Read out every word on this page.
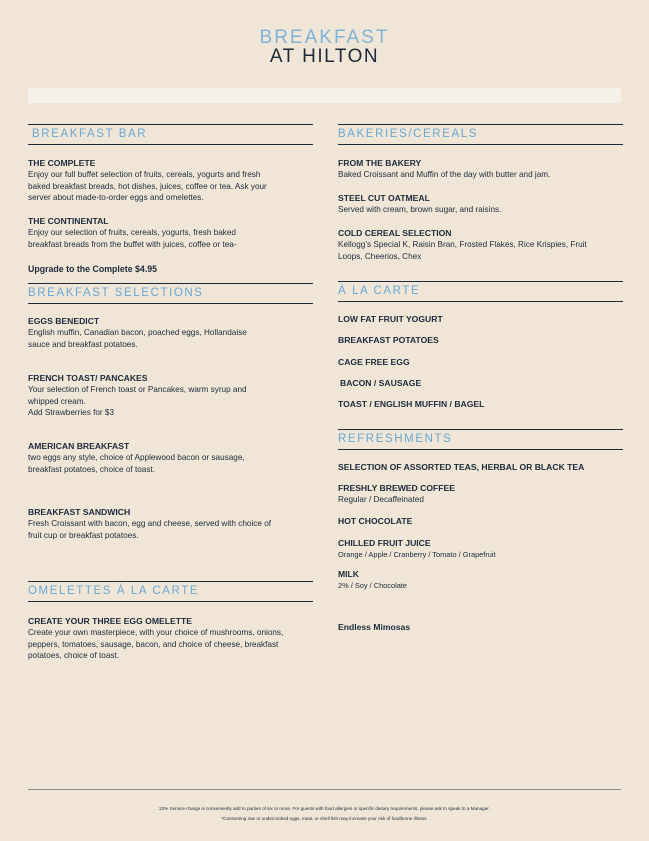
BREAKFAST
AT HILTON
BREAKFAST BAR
THE COMPLETE
Enjoy our full buffet selection of fruits, cereals, yogurts and fresh baked breakfast breads, hot dishes, juices, coffee or tea. Ask your server about made-to-order eggs and omelettes.
THE CONTINENTAL
Enjoy our selection of fruits, cereals, yogurts, fresh baked breakfast breads from the buffet with juices, coffee or tea-
Upgrade to the Complete $4.95
BREAKFAST SELECTIONS
EGGS BENEDICT
English muffin, Canadian bacon, poached eggs, Hollandaise sauce and breakfast potatoes.
FRENCH TOAST/ PANCAKES
Your selection of French toast or Pancakes, warm syrup and whipped cream.
Add Strawberries for $3
AMERICAN BREAKFAST
two eggs any style, choice of Applewood bacon or sausage, breakfast potatoes, choice of toast.
BREAKFAST SANDWICH
Fresh Croissant with bacon, egg and cheese, served with choice of fruit cup or breakfast potatoes.
OMELETTES À LA CARTE
CREATE YOUR THREE EGG OMELETTE
Create your own masterpiece, with your choice of mushrooms, onions, peppers, tomatoes, sausage, bacon, and choice of cheese, breakfast potatoes, choice of toast.
BAKERIES/CEREALS
FROM THE BAKERY
Baked Croissant and Muffin of the day with butter and jam.
STEEL CUT OATMEAL
Served with cream, brown sugar, and raisins.
COLD CEREAL SELECTION
Kellogg’s Special K, Raisin Bran, Frosted Flakes, Rice Krispies, Fruit Loops, Cheerios, Chex
À LA CARTE
LOW FAT FRUIT YOGURT
BREAKFAST POTATOES
CAGE FREE EGG
BACON / SAUSAGE
TOAST / ENGLISH MUFFIN / BAGEL
REFRESHMENTS
SELECTION OF ASSORTED TEAS, HERBAL OR BLACK TEA
FRESHLY BREWED COFFEE
Regular / Decaffeinated
HOT CHOCOLATE
CHILLED FRUIT JUICE
Orange / Apple / Cranberry / Tomato / Grapefruit
MILK
2% / Soy / Chocolate
Endless Mimosas
22% Service charge is conveniently add to parties of six or more. For guests with food allergies or specific dietary requirements, please ask to speak to a Manager.
*Consuming raw or undercooked eggs, meat, or shell fish may increase your risk of foodborne illness.
